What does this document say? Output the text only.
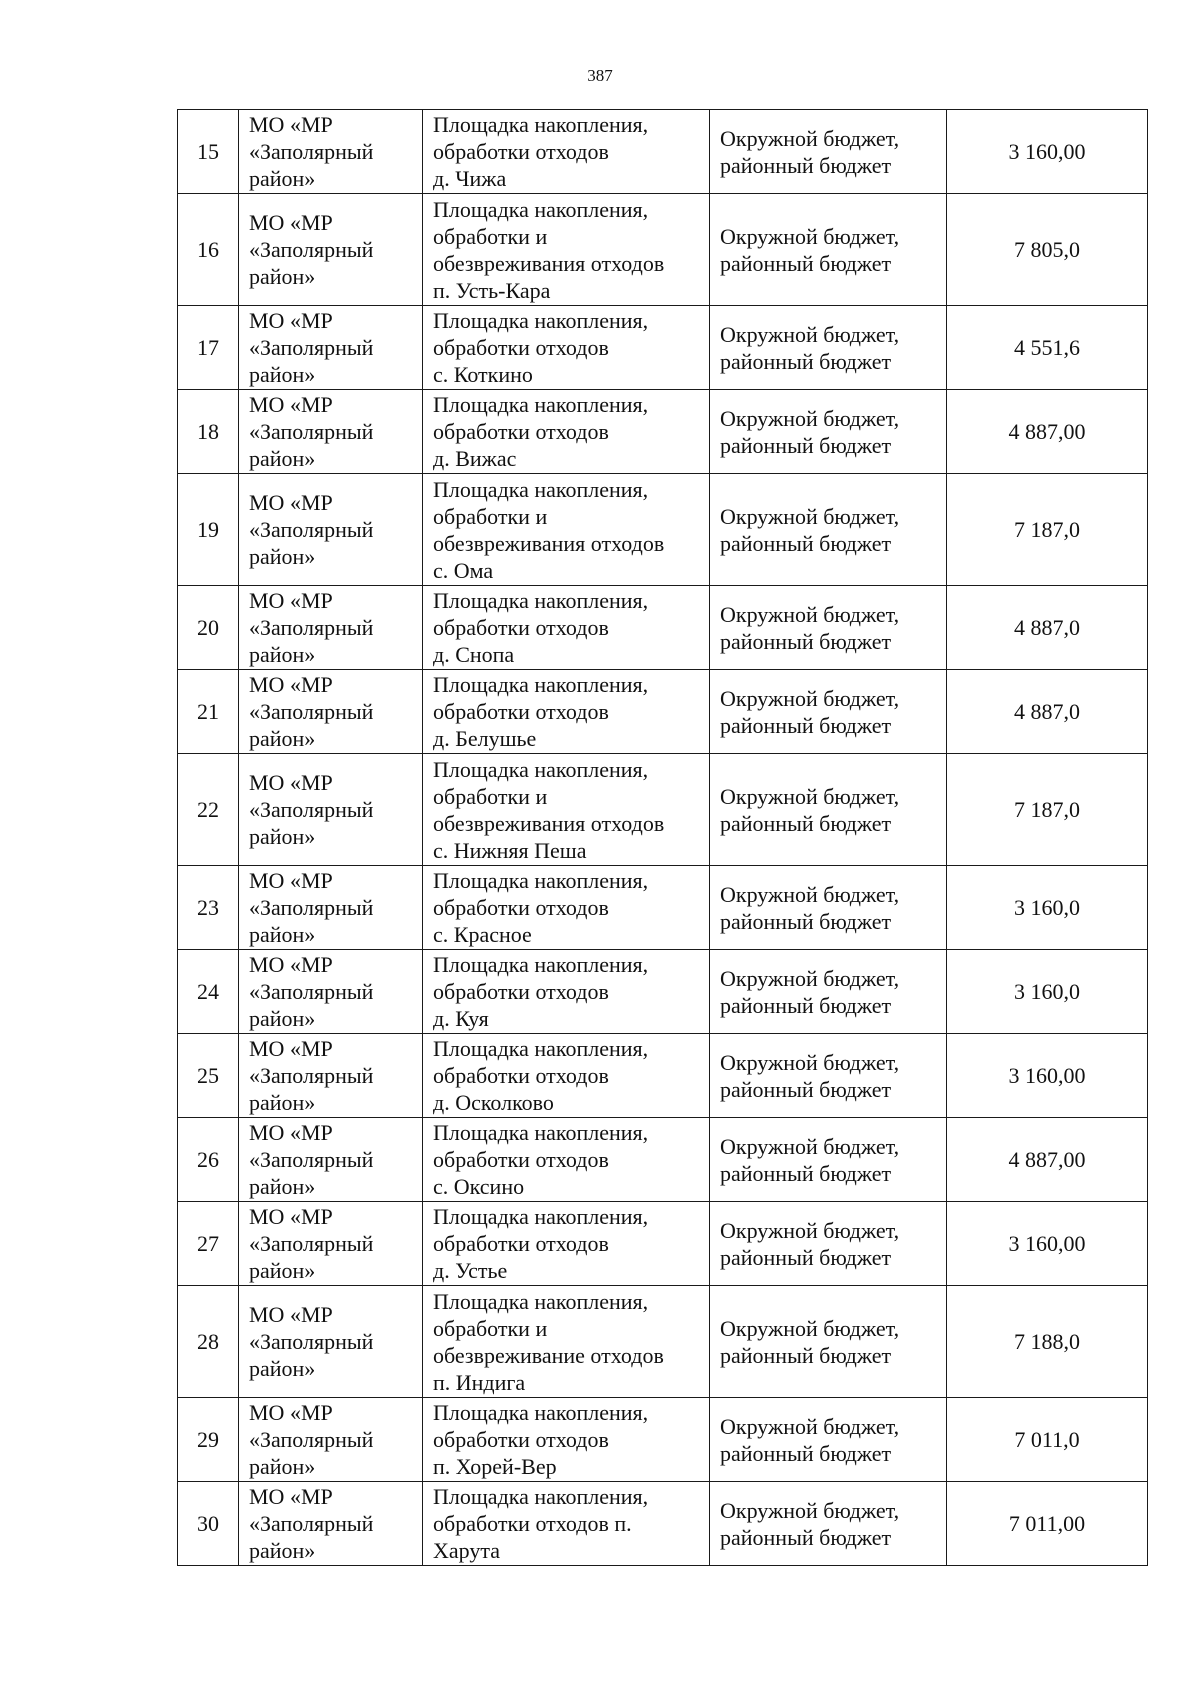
387
15	МО «МР
«Заполярный
район»	Площадка накопления,
обработки отходов
д. Чижа	Окружной бюджет,
районный бюджет	3 160,00
16	МО «МР
«Заполярный
район»	Площадка накопления,
обработки и
обезвреживания отходов
п. Усть-Кара	Окружной бюджет,
районный бюджет	7 805,0
17	МО «МР
«Заполярный
район»	Площадка накопления,
обработки отходов
с. Коткино	Окружной бюджет,
районный бюджет	4 551,6
18	МО «МР
«Заполярный
район»	Площадка накопления,
обработки отходов
д. Вижас	Окружной бюджет,
районный бюджет	4 887,00
19	МО «МР
«Заполярный
район»	Площадка накопления,
обработки и
обезвреживания отходов
с. Ома	Окружной бюджет,
районный бюджет	7 187,0
20	МО «МР
«Заполярный
район»	Площадка накопления,
обработки отходов
д. Снопа	Окружной бюджет,
районный бюджет	4 887,0
21	МО «МР
«Заполярный
район»	Площадка накопления,
обработки отходов
д. Белушье	Окружной бюджет,
районный бюджет	4 887,0
22	МО «МР
«Заполярный
район»	Площадка накопления,
обработки и
обезвреживания отходов
с. Нижняя Пеша	Окружной бюджет,
районный бюджет	7 187,0
23	МО «МР
«Заполярный
район»	Площадка накопления,
обработки отходов
с. Красное	Окружной бюджет,
районный бюджет	3 160,0
24	МО «МР
«Заполярный
район»	Площадка накопления,
обработки отходов
д. Куя	Окружной бюджет,
районный бюджет	3 160,0
25	МО «МР
«Заполярный
район»	Площадка накопления,
обработки отходов
д. Осколково	Окружной бюджет,
районный бюджет	3 160,00
26	МО «МР
«Заполярный
район»	Площадка накопления,
обработки отходов
с. Оксино	Окружной бюджет,
районный бюджет	4 887,00
27	МО «МР
«Заполярный
район»	Площадка накопления,
обработки отходов
д. Устье	Окружной бюджет,
районный бюджет	3 160,00
28	МО «МР
«Заполярный
район»	Площадка накопления,
обработки и
обезвреживание отходов
п. Индига	Окружной бюджет,
районный бюджет	7 188,0
29	МО «МР
«Заполярный
район»	Площадка накопления,
обработки отходов
п. Хорей-Вер	Окружной бюджет,
районный бюджет	7 011,0
30	МО «МР
«Заполярный
район»	Площадка накопления,
обработки отходов п.
Харута	Окружной бюджет,
районный бюджет	7 011,00
